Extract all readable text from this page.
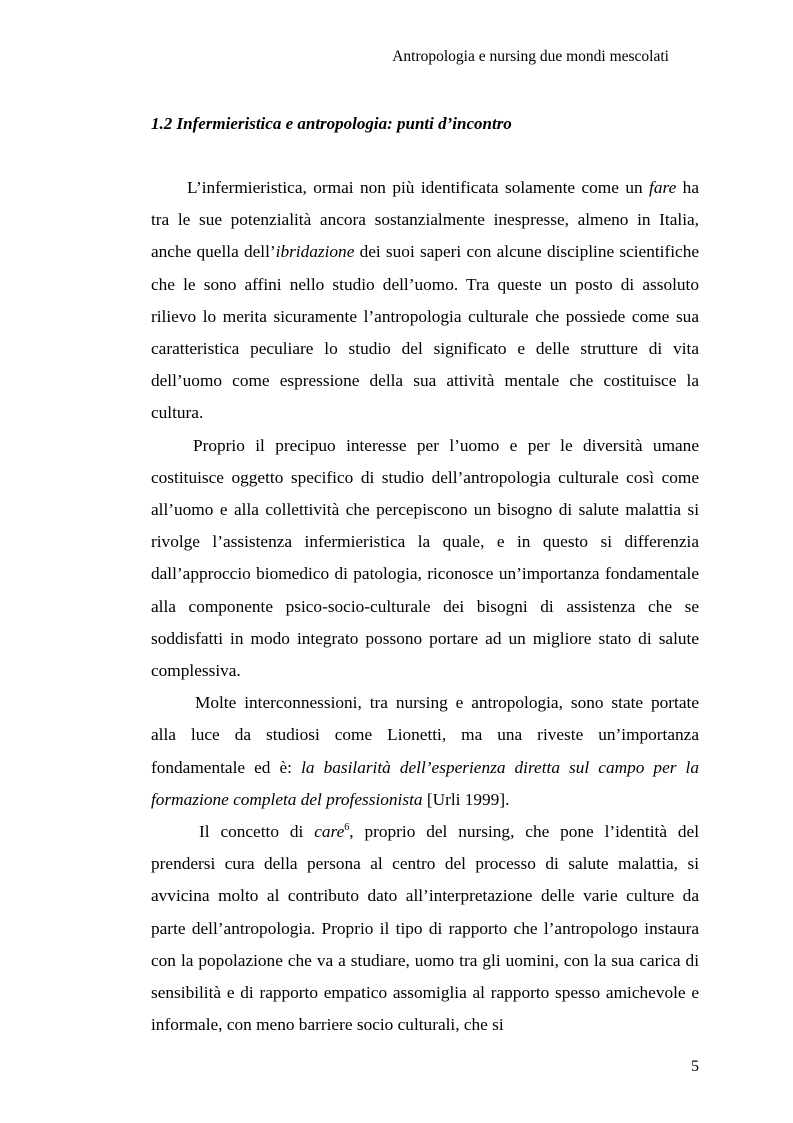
Antropologia e nursing due mondi mescolati
1.2 Infermieristica e antropologia: punti d’incontro

L’infermieristica, ormai non più identificata solamente come un fare ha tra le sue potenzialità ancora sostanzialmente inespresse, almeno in Italia, anche quella dell’ibridazione dei suoi saperi con alcune discipline scientifiche che le sono affini nello studio dell’uomo. Tra queste un posto di assoluto rilievo lo merita sicuramente l’antropologia culturale che possiede come sua caratteristica peculiare lo studio del significato e delle strutture di vita dell’uomo come espressione della sua attività mentale che costituisce la cultura.

Proprio il precipuo interesse per l’uomo e per le diversità umane costituisce oggetto specifico di studio dell’antropologia culturale così come all’uomo e alla collettività che percepiscono un bisogno di salute malattia si rivolge l’assistenza infermieristica la quale, e in questo si differenzia dall’approccio biomedico di patologia, riconosce un’importanza fondamentale alla componente psico-socio-culturale dei bisogni di assistenza che se soddisfatti in modo integrato possono portare ad un migliore stato di salute complessiva.

Molte interconnessioni, tra nursing e antropologia, sono state portate alla luce da studiosi come Lionetti, ma una riveste un’importanza fondamentale ed è: la basilarità dell’esperienza diretta sul campo per la formazione completa del professionista [Urli 1999].

Il concetto di care$^6$, proprio del nursing, che pone l’identità del prendersi cura della persona al centro del processo di salute malattia, si avvicina molto al contributo dato all’interpretazione delle varie culture da parte dell’antropologia. Proprio il tipo di rapporto che l’antropologo instaura con la popolazione che va a studiare, uomo tra gli uomini, con la sua carica di sensibilità e di rapporto empatico assomiglia al rapporto spesso amichevole e informale, con meno barriere socio culturali, che si

5
